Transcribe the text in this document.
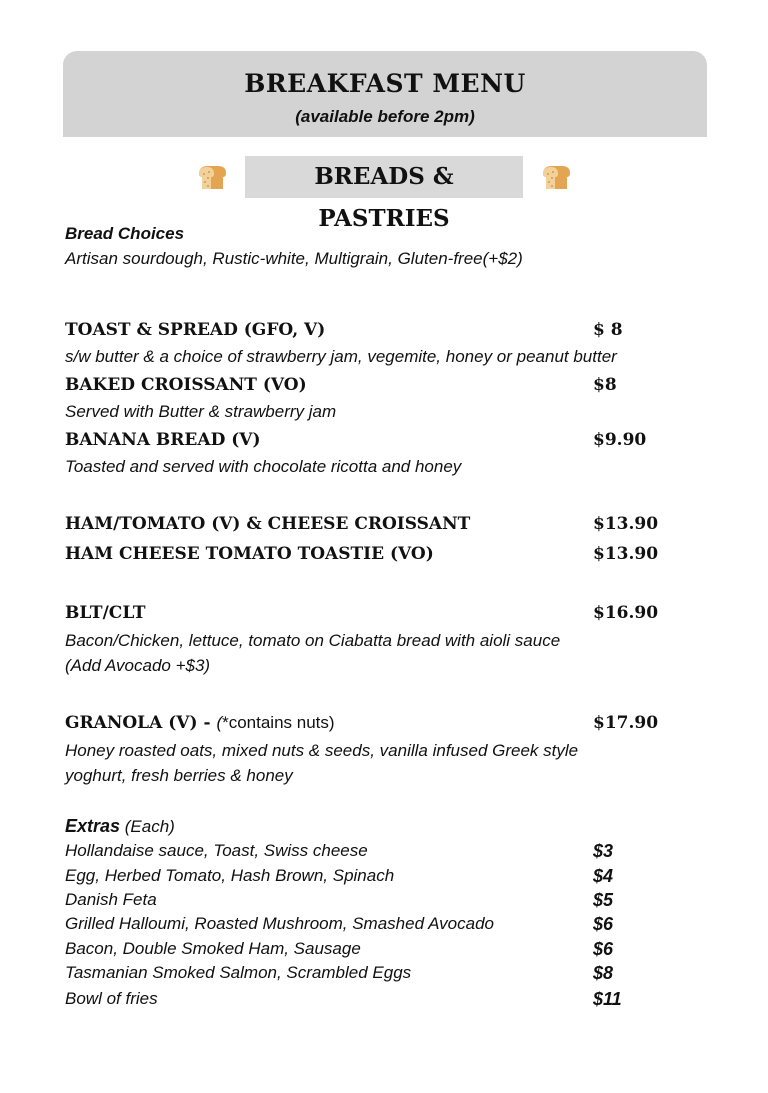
BREAKFAST MENU
(available before 2pm)
BREADS & PASTRIES
Bread Choices
Artisan sourdough, Rustic-white, Multigrain, Gluten-free(+$2)
TOAST & SPREAD (GFO, V)	$ 8
s/w butter & a choice of strawberry jam, vegemite, honey or peanut butter
BAKED CROISSANT (VO)	$8
Served with Butter & strawberry jam
BANANA BREAD (V)	$9.90
Toasted and served with chocolate ricotta and honey
HAM/TOMATO (V) & CHEESE CROISSANT	$13.90
HAM CHEESE TOMATO TOASTIE (VO)	$13.90
BLT/CLT	$16.90
Bacon/Chicken, lettuce, tomato on Ciabatta bread with aioli sauce
(Add Avocado +$3)
GRANOLA (V) - (*contains nuts)	$17.90
Honey roasted oats, mixed nuts & seeds, vanilla infused Greek style
yoghurt, fresh berries & honey
Extras (Each)
Hollandaise sauce, Toast, Swiss cheese	$3
Egg, Herbed Tomato, Hash Brown, Spinach	$4
Danish Feta	$5
Grilled Halloumi, Roasted Mushroom, Smashed Avocado	$6
Bacon, Double Smoked Ham, Sausage	$6
Tasmanian Smoked Salmon, Scrambled Eggs	$8
Bowl of fries	$11
